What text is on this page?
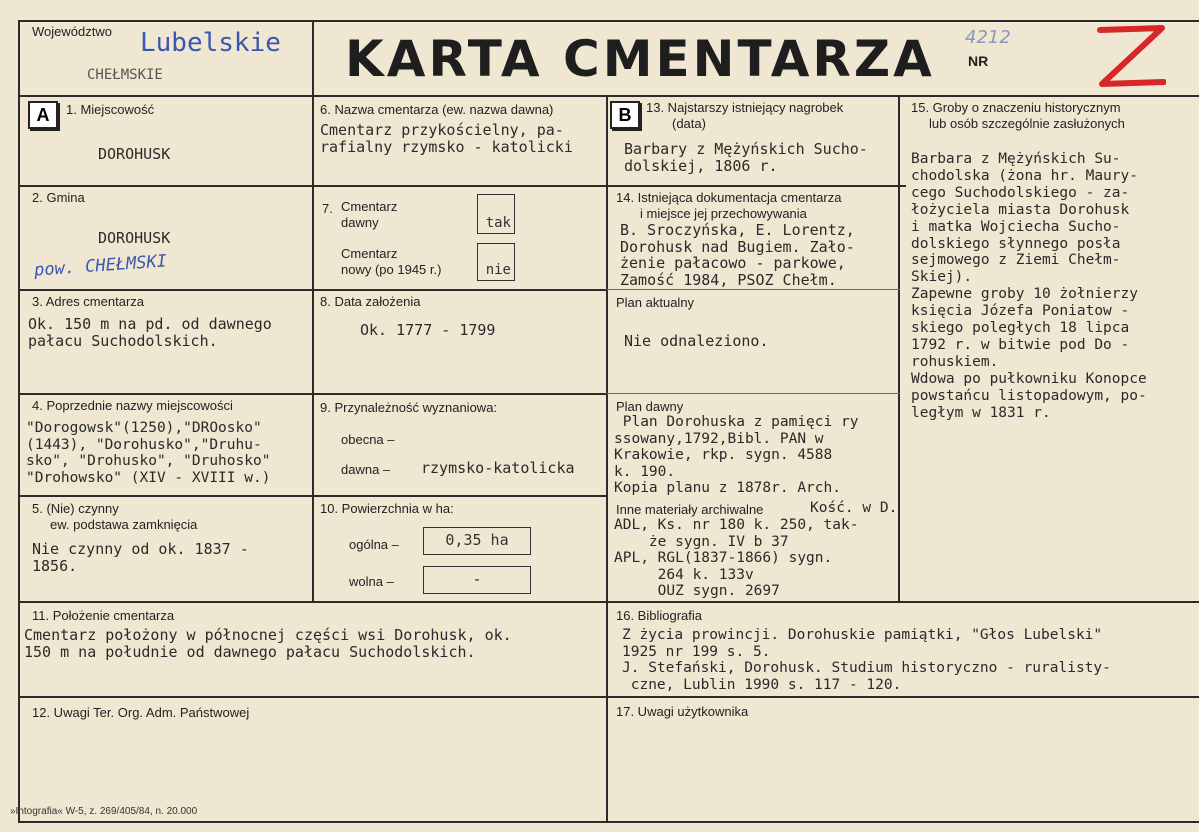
Województwo Lubelskie
CHEŁMSKIE	KARTA CMENTARZA 4212
NR
A	1. Miejscowość
DOROHUSK
2. Gmina
DOROHUSK
pow. CHEŁMSKI
3. Adres cmentarza
Ok. 150 m na pd. od dawnego
pałacu Suchodolskich.
4. Poprzednie nazwy miejscowości
"Dorogowsk"(1250),"DROosko"
(1443), "Dorohusko","Druhu-
sko", "Drohusko", "Druhosko"
"Drohowsko" (XIV - XVIII w.)
5. (Nie) czynny
ew. podstawa zamknięcia
Nie czynny od ok. 1837 -
1856.
6. Nazwa cmentarza (ew. nazwa dawna)
Cmentarz przykościelny, pa-
rafialny rzymsko - katolicki
7. Cmentarz
dawny	tak
Cmentarz
nowy (po 1945 r.)	nie
8. Data założenia
Ok. 1777 - 1799
9. Przynależność wyznaniowa:
obecna –
dawna – rzymsko-katolicka
10. Powierzchnia w ha:
ogólna –	0,35 ha
wolna –	-
B	13. Najstarszy istniejący nagrobek
(data)
Barbary z Mężyńskich Sucho-
dolskiej, 1806 r.
14. Istniejąca dokumentacja cmentarza
i miejsce jej przechowywania
B. Sroczyńska, E. Lorentz,
Dorohusk nad Bugiem. Zało-
żenie pałacowo - parkowe,
Zamość 1984, PSOZ Chełm.
Plan aktualny
Nie odnaleziono.
Plan dawny
Plan Dorohuska z pamięci ry
ssowany,1792,Bibl. PAN w
Krakowie, rkp. sygn. 4588
k. 190.
Kopia planu z 1878r. Arch.
Inne materiały archiwalne	Kość. w D.
ADL, Ks. nr 180 k. 250, tak-
że sygn. IV b 37
APL, RGL(1837-1866) sygn.
264 k. 133v
OUZ sygn. 2697
15. Groby o znaczeniu historycznym
lub osób szczególnie zasłużonych
Barbara z Mężyńskich Su-
chodolska (żona hr. Maury-
cego Suchodolskiego - za-
łożyciela miasta Dorohusk
i matka Wojciecha Sucho-
dolskiego słynnego posła
sejmowego z Ziemi Chełm-
Skiej).
Zapewne groby 10 żołnierzy
księcia Józefa Poniatow -
skiego poległych 18 lipca
1792 r. w bitwie pod Do -
rohuskiem.
Wdowa po pułkowniku Konopce
powstańcu listopadowym, po-
ległym w 1831 r.
11. Położenie cmentarza
Cmentarz położony w północnej części wsi Dorohusk, ok.
150 m na południe od dawnego pałacu Suchodolskich.
16. Bibliografia
Z życia prowincji. Dorohuskie pamiątki, "Głos Lubelski"
1925 nr 199 s. 5.
J. Stefański, Dorohusk. Studium historyczno - ruralisty-
czne, Lublin 1990 s. 117 - 120.
12. Uwagi Ter. Org. Adm. Państwowej	17. Uwagi użytkownika
»Intografia« W-5, z. 269/405/84, n. 20.000
